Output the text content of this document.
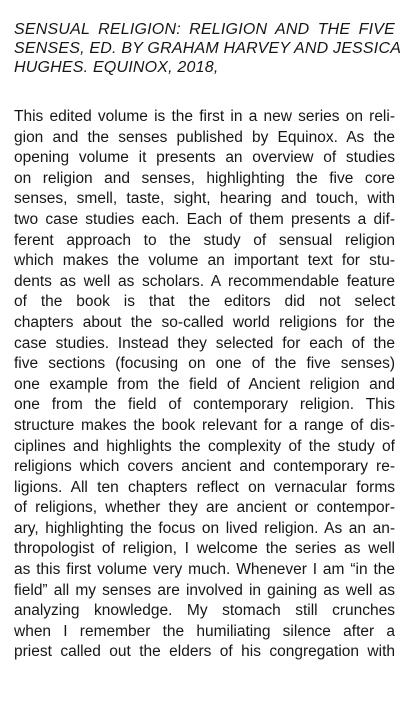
SENSUAL RELIGION: RELIGION AND THE FIVE
SENSES, ED. BY GRAHAM HARVEY AND JESSICA
HUGHES. EQUINOX, 2018,
This edited volume is the first in a new series on reli-
gion and the senses published by Equinox. As the
opening volume it presents an overview of studies
on religion and senses, highlighting the five core
senses, smell, taste, sight, hearing and touch, with
two case studies each. Each of them presents a dif-
ferent approach to the study of sensual religion
which makes the volume an important text for stu-
dents as well as scholars. A recommendable feature
of the book is that the editors did not select
chapters about the so-called world religions for the
case studies. Instead they selected for each of the
five sections (focusing on one of the five senses)
one example from the field of Ancient religion and
one from the field of contemporary religion. This
structure makes the book relevant for a range of dis-
ciplines and highlights the complexity of the study of
religions which covers ancient and contemporary re-
ligions. All ten chapters reflect on vernacular forms
of religions, whether they are ancient or contempor-
ary, highlighting the focus on lived religion. As an an-
thropologist of religion, I welcome the series as well
as this first volume very much. Whenever I am “in the
field” all my senses are involved in gaining as well as
analyzing knowledge. My stomach still crunches
when I remember the humiliating silence after a
priest called out the elders of his congregation with
